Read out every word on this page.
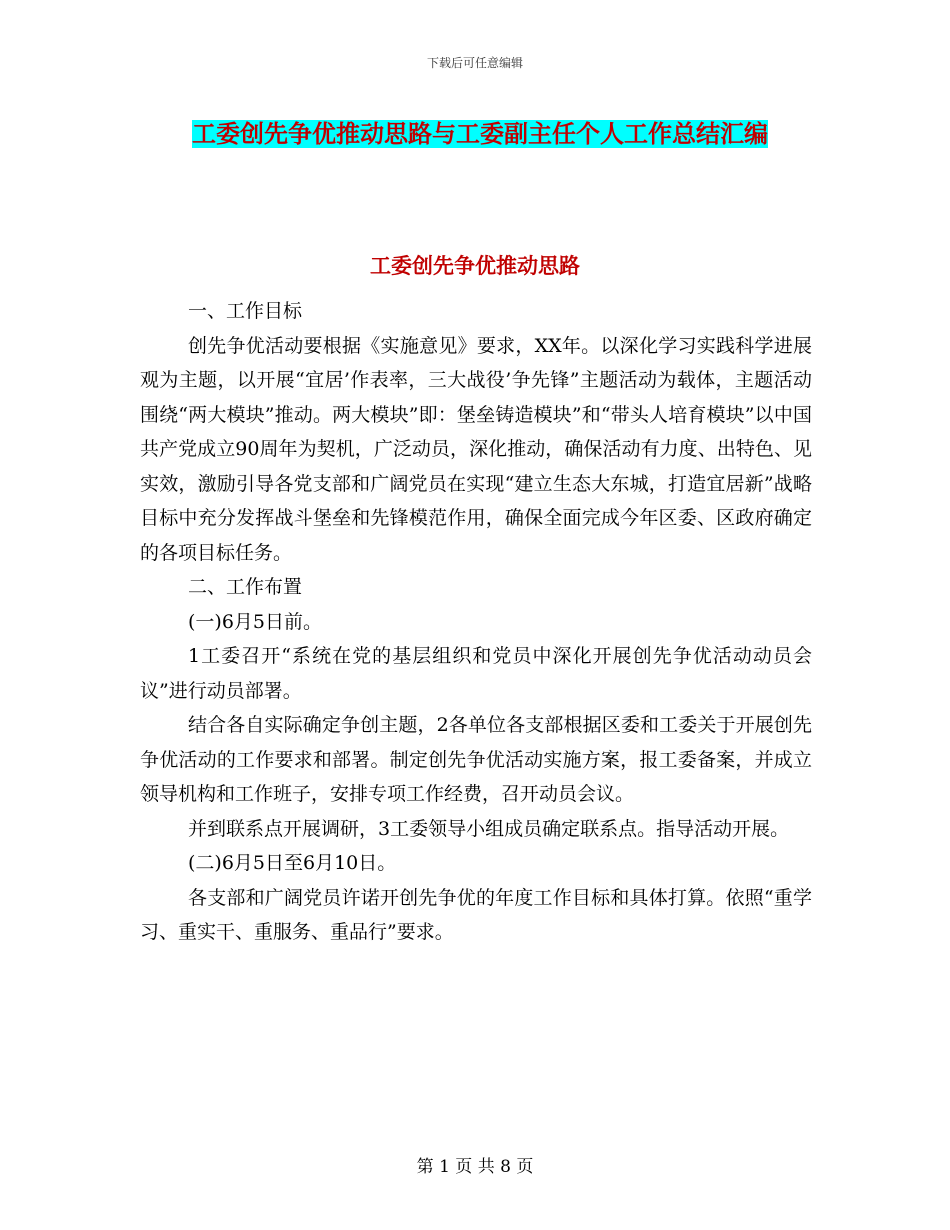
下载后可任意编辑
工委创先争优推动思路与工委副主任个人工作总结汇编
工委创先争优推动思路

一、工作目标

创先争优活动要根据《实施意见》要求，XX年。以深化学习实践科学进展观为主题，以开展“宜居’作表率，三大战役’争先锋”主题活动为载体，主题活动围绕“两大模块”推动。两大模块”即：堡垒铸造模块”和“带头人培育模块”以中国共产党成立90周年为契机，广泛动员，深化推动，确保活动有力度、出特色、见实效，激励引导各党支部和广阔党员在实现“建立生态大东城，打造宜居新”战略目标中充分发挥战斗堡垒和先锋模范作用，确保全面完成今年区委、区政府确定的各项目标任务。

二、工作布置

(一)6月5日前。

1工委召开“系统在党的基层组织和党员中深化开展创先争优活动动员会议”进行动员部署。

结合各自实际确定争创主题，2各单位各支部根据区委和工委关于开展创先争优活动的工作要求和部署。制定创先争优活动实施方案，报工委备案，并成立领导机构和工作班子，安排专项工作经费，召开动员会议。

并到联系点开展调研，3工委领导小组成员确定联系点。指导活动开展。

(二)6月5日至6月10日。

各支部和广阔党员许诺开创先争优的年度工作目标和具体打算。依照“重学习、重实干、重服务、重品行”要求。

第 1 页 共 8 页
